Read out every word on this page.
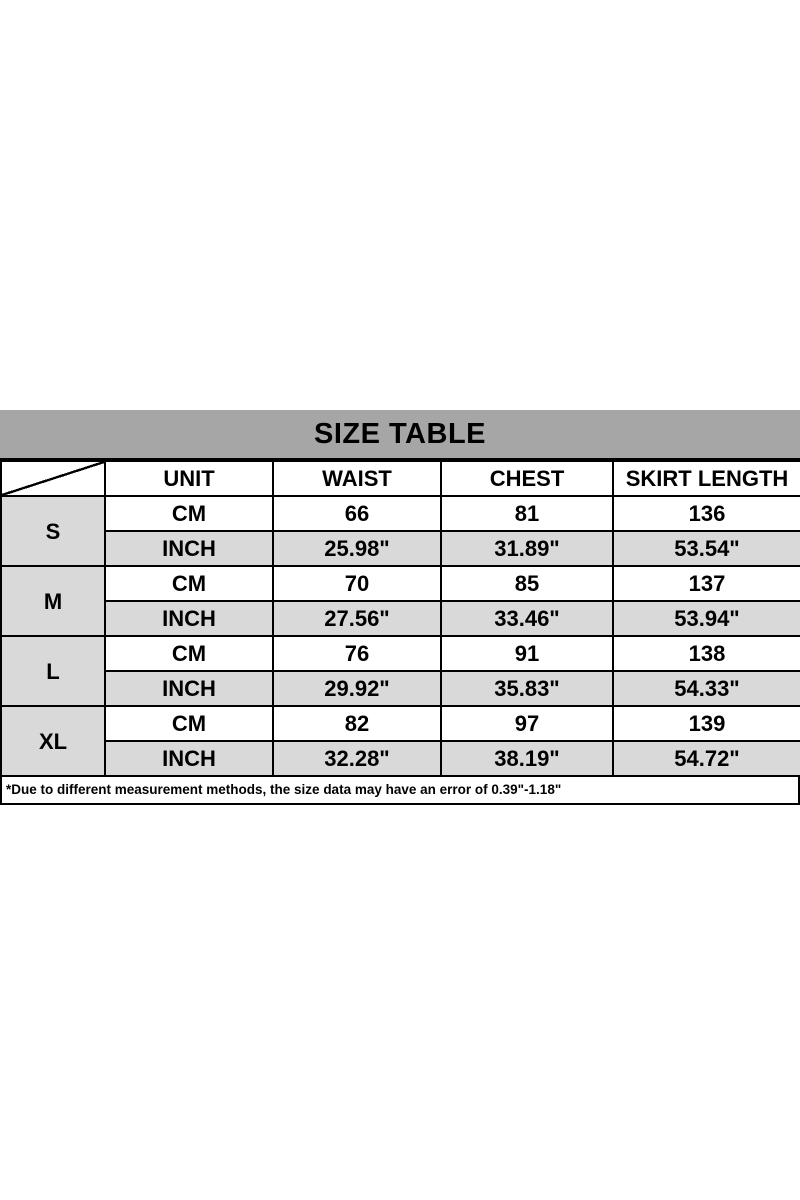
SIZE TABLE
	UNIT	WAIST	CHEST	SKIRT LENGTH
S	CM	66	81	136
	INCH	25.98"	31.89"	53.54"
M	CM	70	85	137
	INCH	27.56"	33.46"	53.94"
L	CM	76	91	138
	INCH	29.92"	35.83"	54.33"
XL	CM	82	97	139
	INCH	32.28"	38.19"	54.72"
*Due to different measurement methods, the size data may have an error of 0.39"-1.18"
